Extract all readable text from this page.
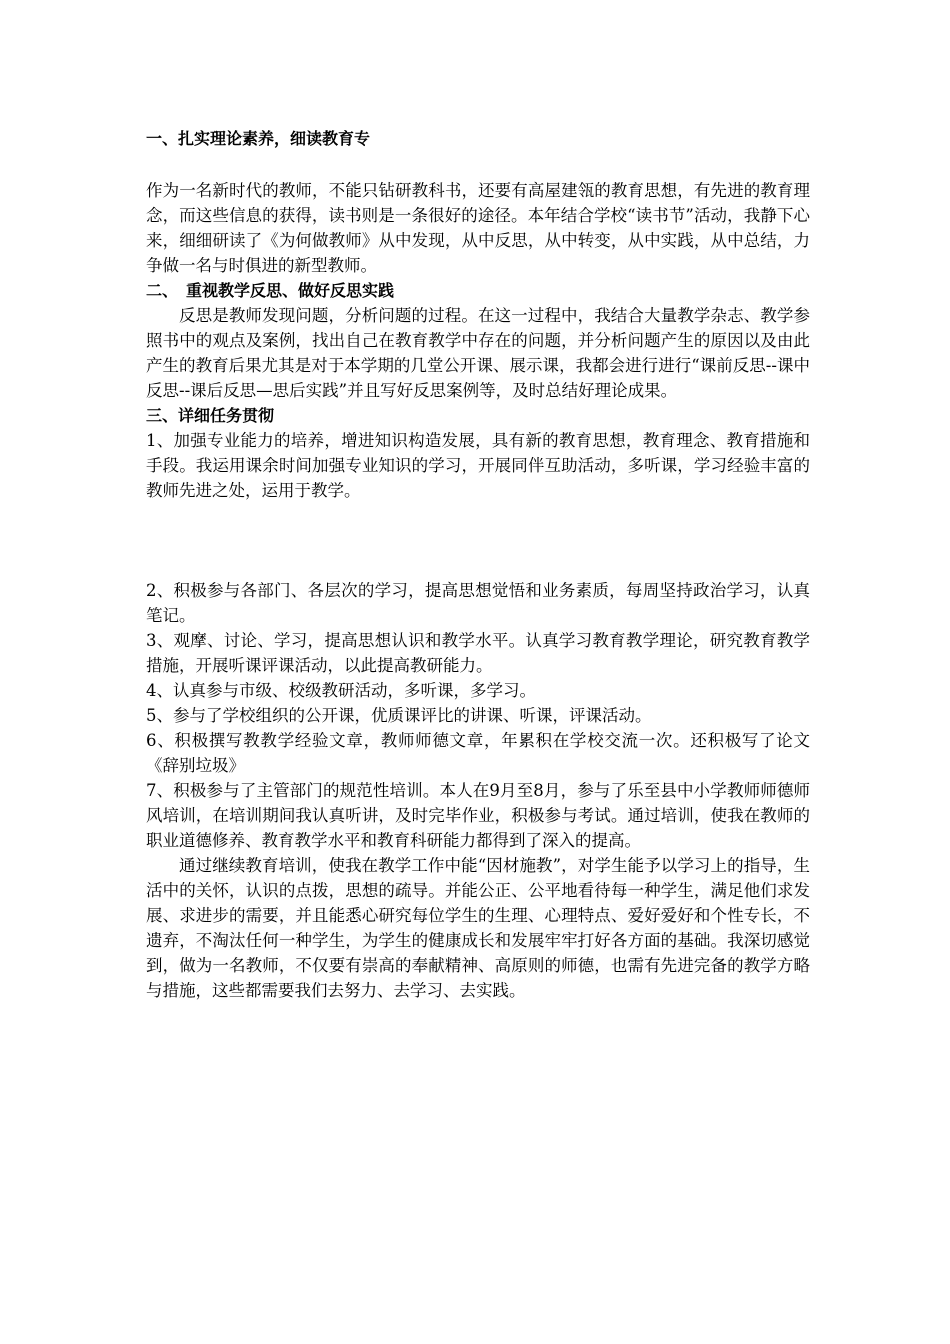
一、扎实理论素养，细读教育专

作为一名新时代的教师，不能只钻研教科书，还要有高屋建瓴的教育思想，有先进的教育理念，而这些信息的获得，读书则是一条很好的途径。本年结合学校“读书节”活动，我静下心来，细细研读了《为何做教师》从中发现，从中反思，从中转变，从中实践，从中总结，力争做一名与时俱进的新型教师。

二、　重视教学反思、做好反思实践

反思是教师发现问题，分析问题的过程。在这一过程中，我结合大量教学杂志、教学参照书中的观点及案例，找出自己在教育教学中存在的问题，并分析问题产生的原因以及由此产生的教育后果尤其是对于本学期的几堂公开课、展示课，我都会进行进行“课前反思--课中反思--课后反思—思后实践”并且写好反思案例等，及时总结好理论成果。

三、详细任务贯彻

1、加强专业能力的培养，增进知识构造发展，具有新的教育思想，教育理念、教育措施和手段。我运用课余时间加强专业知识的学习，开展同伴互助活动，多听课，学习经验丰富的教师先进之处，运用于教学。

2、积极参与各部门、各层次的学习，提高思想觉悟和业务素质，每周坚持政治学习，认真笔记。

3、观摩、讨论、学习，提高思想认识和教学水平。认真学习教育教学理论，研究教育教学措施，开展听课评课活动，以此提高教研能力。

4、认真参与市级、校级教研活动，多听课，多学习。

5、参与了学校组织的公开课，优质课评比的讲课、听课，评课活动。

6、积极撰写教教学经验文章，教师师德文章，年累积在学校交流一次。还积极写了论文《辞别垃圾》

7、积极参与了主管部门的规范性培训。本人在9月至8月，参与了乐至县中小学教师师德师风培训，在培训期间我认真听讲，及时完毕作业，积极参与考试。通过培训，使我在教师的职业道德修养、教育教学水平和教育科研能力都得到了深入的提高。

通过继续教育培训，使我在教学工作中能“因材施教”，对学生能予以学习上的指导，生活中的关怀，认识的点拨，思想的疏导。并能公正、公平地看待每一种学生，满足他们求发展、求进步的需要，并且能悉心研究每位学生的生理、心理特点、爱好爱好和个性专长，不遗弃，不淘汰任何一种学生，为学生的健康成长和发展牢牢打好各方面的基础。我深切感觉到，做为一名教师，不仅要有崇高的奉献精神、高原则的师德，也需有先进完备的教学方略与措施，这些都需要我们去努力、去学习、去实践。
